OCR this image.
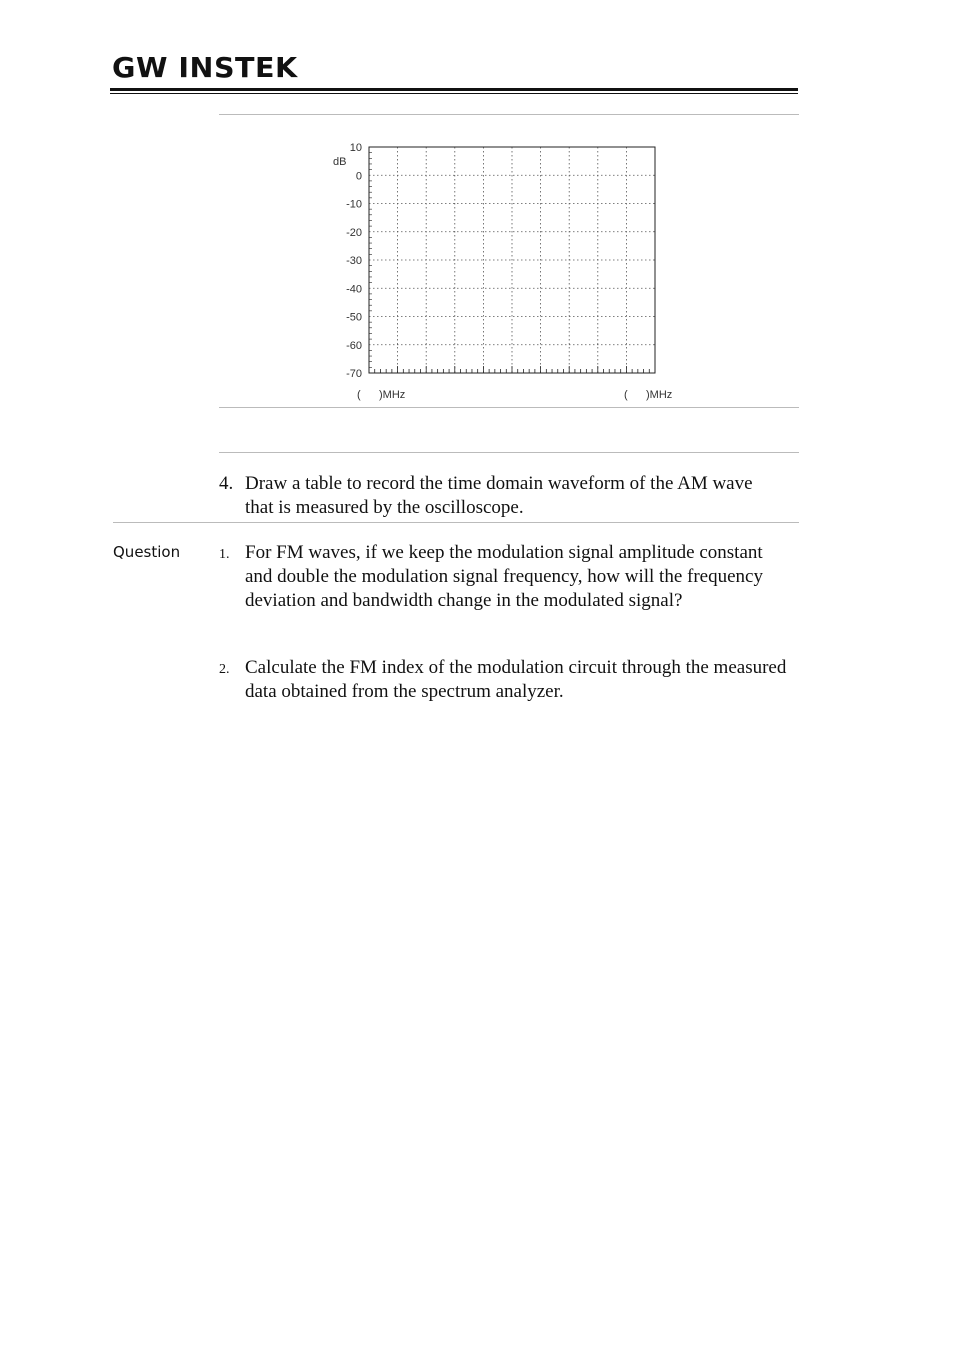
GW INSTEK
10
0
-10
-20
-30
-40
-50
-60
-70
dB
(      )MHz	(      )MHz
4. Draw a table to record the time domain waveform of the AM wave that is measured by the oscilloscope.
Question	1. For FM waves, if we keep the modulation signal amplitude constant and double the modulation signal frequency, how will the frequency deviation and bandwidth change in the modulated signal?
2. Calculate the FM index of the modulation circuit through the measured data obtained from the spectrum analyzer.
